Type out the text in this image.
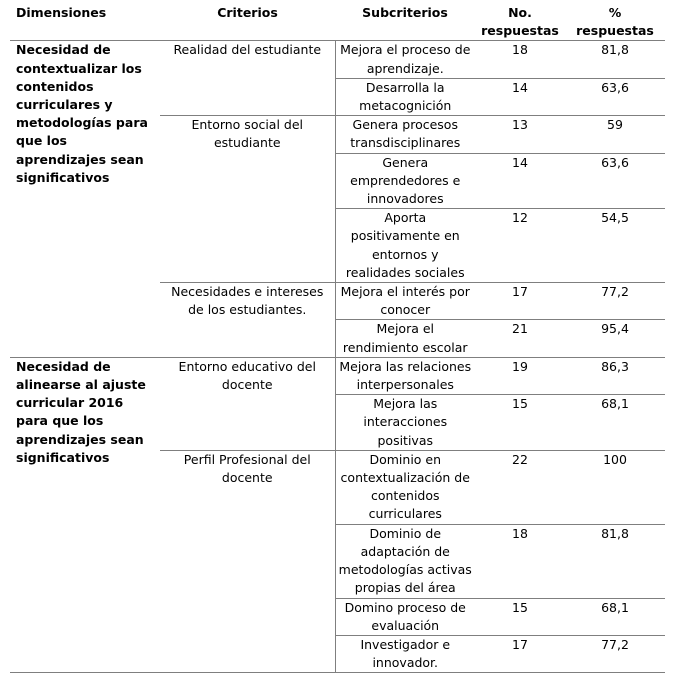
Dimensiones	Criterios	Subcriterios	No. respuestas	% respuestas
Necesidad de contextualizar los contenidos curriculares y metodologías para que los aprendizajes sean significativos	Realidad del estudiante	Mejora el proceso de aprendizaje.	18	81,8
		Desarrolla la metacognición	14	63,6
	Entorno social del estudiante	Genera procesos transdisciplinares	13	59
		Genera emprendedores e innovadores	14	63,6
		Aporta positivamente en entornos y realidades sociales	12	54,5
	Necesidades e intereses de los estudiantes.	Mejora el interés por conocer	17	77,2
		Mejora el rendimiento escolar	21	95,4
Necesidad de alinearse al ajuste curricular 2016 para que los aprendizajes sean significativos	Entorno educativo del docente	Mejora las relaciones interpersonales	19	86,3
		Mejora las interacciones positivas	15	68,1
	Perfil Profesional del docente	Dominio en contextualización de contenidos curriculares	22	100
		Dominio de adaptación de metodologías activas propias del área	18	81,8
		Domino proceso de evaluación	15	68,1
		Investigador e innovador.	17	77,2
